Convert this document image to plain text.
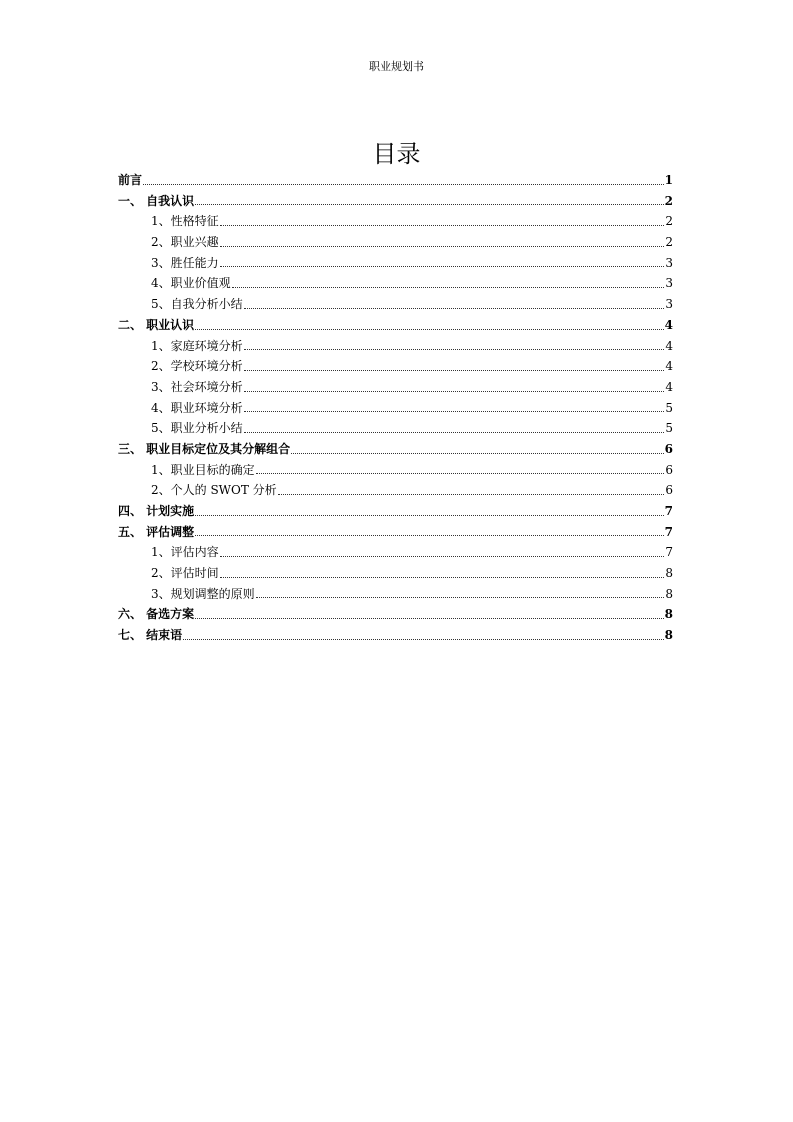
职业规划书
目录
前言	1
一、 自我认识	2
1、性格特征	2
2、职业兴趣	2
3、胜任能力	3
4、职业价值观	3
5、自我分析小结	3
二、 职业认识	4
1、家庭环境分析	4
2、学校环境分析	4
3、社会环境分析	4
4、职业环境分析	5
5、职业分析小结	5
三、 职业目标定位及其分解组合	6
1、职业目标的确定	6
2、个人的 SWOT 分析	6
四、 计划实施	7
五、 评估调整	7
1、评估内容	7
2、评估时间	8
3、规划调整的原则	8
六、 备选方案	8
七、 结束语	8
